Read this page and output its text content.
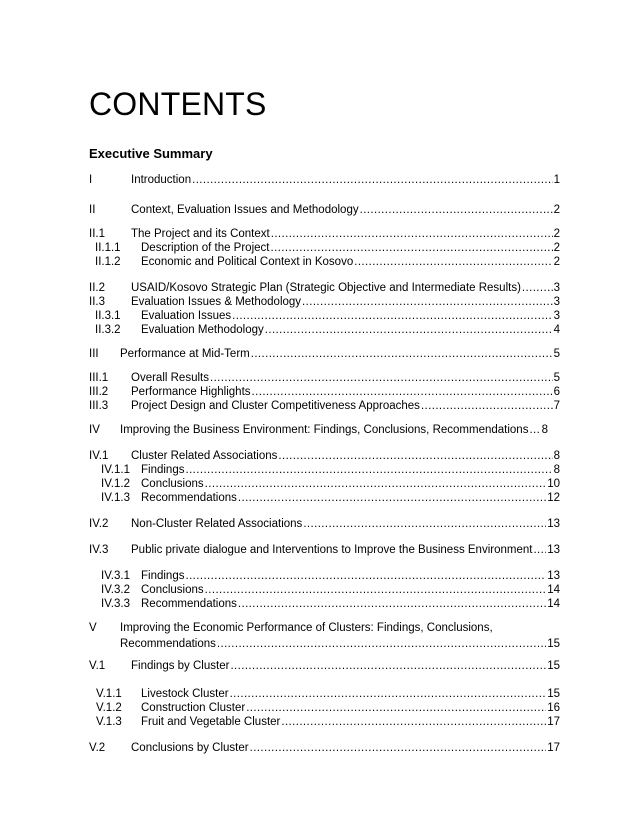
CONTENTS
Executive Summary
I	Introduction .....	1
II	Context, Evaluation Issues and Methodology .....	2
II.1 The Project and its Context .....	2
II.1.1 Description of the Project .....	2
II.1.2 Economic and Political Context in Kosovo .....	2
II.2 USAID/Kosovo Strategic Plan (Strategic Objective and Intermediate Results) .....	3
II.3 Evaluation Issues & Methodology .....	3
II.3.1 Evaluation Issues .....	3
II.3.2 Evaluation Methodology .....	4
III Performance at Mid-Term .....	5
III.1 Overall Results .....	5
III.2 Performance Highlights .....	6
III.3 Project Design and Cluster Competitiveness Approaches .....	7
IV Improving the Business Environment: Findings, Conclusions, Recommendations ..... 8
IV.1 Cluster Related Associations .....	8
IV.1.1 Findings .....	8
IV.1.2 Conclusions .....	10
IV.1.3 Recommendations .....	12
IV.2 Non-Cluster Related Associations .....	13
IV.3 Public private dialogue and Interventions to Improve the Business Environment ..... 13
IV.3.1 Findings .....	13
IV.3.2 Conclusions .....	14
IV.3.3 Recommendations .....	14
V Improving the Economic Performance of Clusters: Findings, Conclusions,
Recommendations .....	15
V.1 Findings by Cluster .....	15
V.1.1 Livestock Cluster .....	15
V.1.2 Construction Cluster .....	16
V.1.3 Fruit and Vegetable Cluster .....	17
V.2 Conclusions by Cluster .....	17
